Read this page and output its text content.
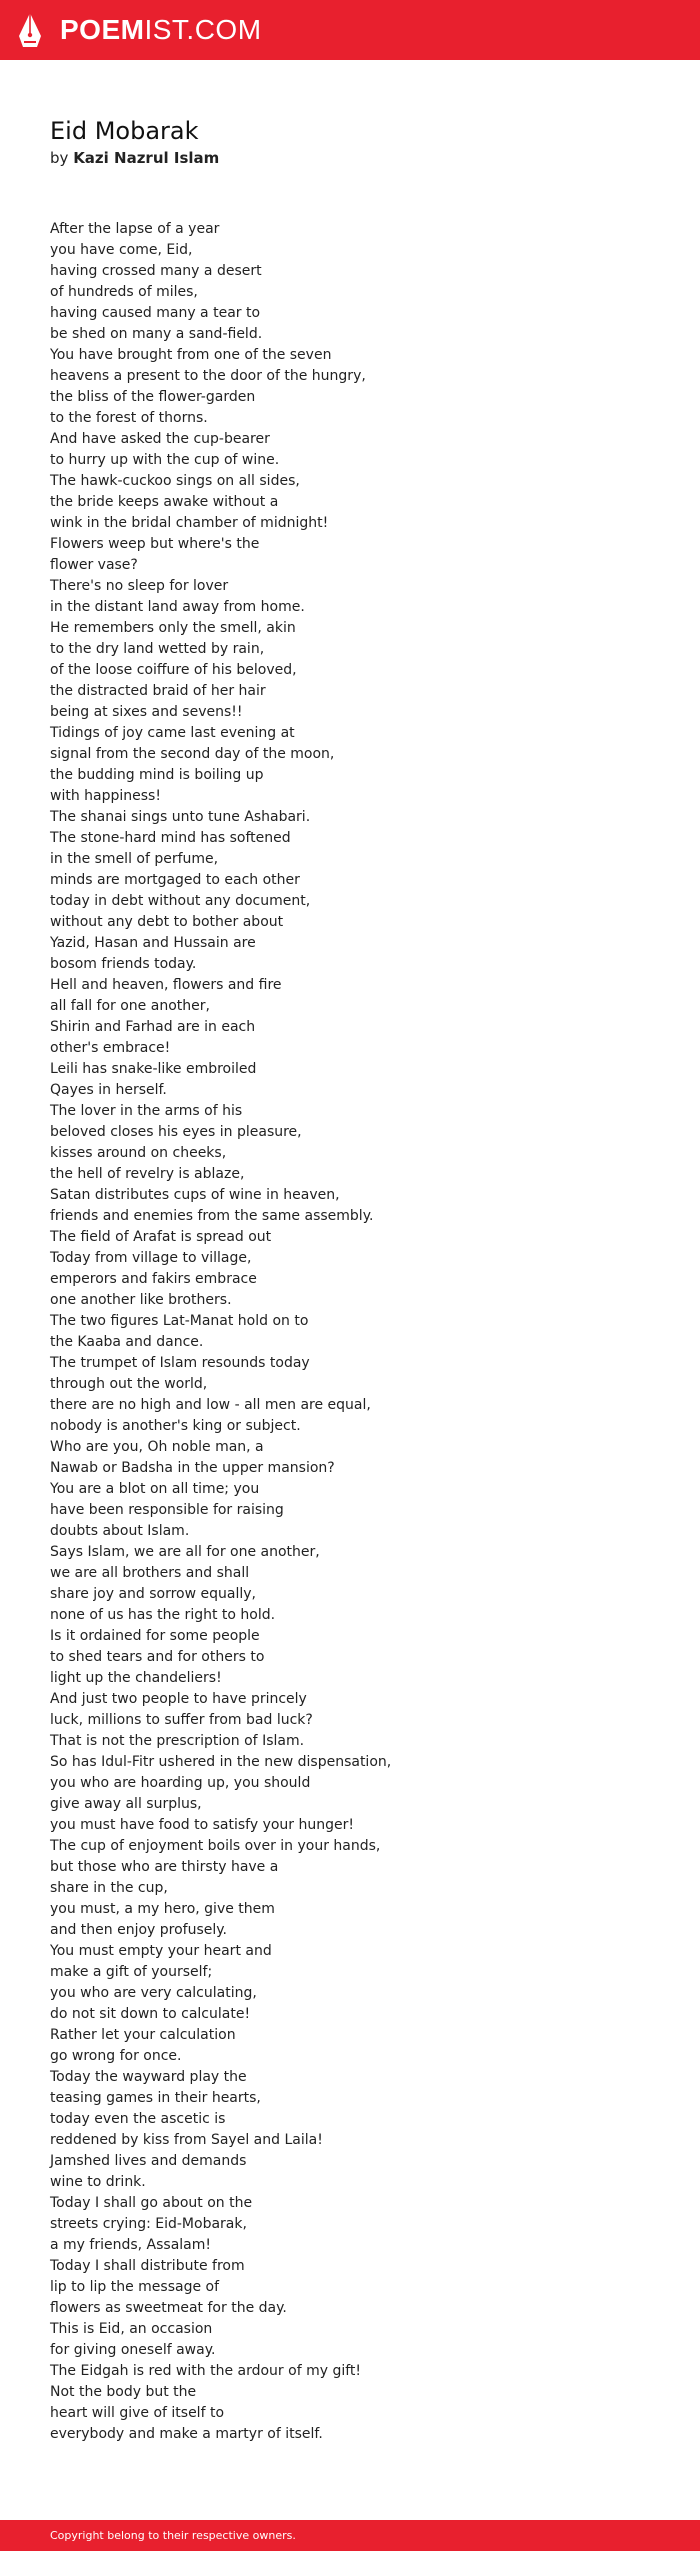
POEMIST.COM
Eid Mobarak
by Kazi Nazrul Islam
After the lapse of a year
you have come, Eid,
having crossed many a desert
of hundreds of miles,
having caused many a tear to
be shed on many a sand-field.
You have brought from one of the seven
heavens a present to the door of the hungry,
the bliss of the flower-garden
to the forest of thorns.
And have asked the cup-bearer
to hurry up with the cup of wine.
The hawk-cuckoo sings on all sides,
the bride keeps awake without a
wink in the bridal chamber of midnight!
Flowers weep but where's the
flower vase?
There's no sleep for lover
in the distant land away from home.
He remembers only the smell, akin
to the dry land wetted by rain,
of the loose coiffure of his beloved,
the distracted braid of her hair
being at sixes and sevens!!
Tidings of joy came last evening at
signal from the second day of the moon,
the budding mind is boiling up
with happiness!
The shanai sings unto tune Ashabari.
The stone-hard mind has softened
in the smell of perfume,
minds are mortgaged to each other
today in debt without any document,
without any debt to bother about
Yazid, Hasan and Hussain are
bosom friends today.
Hell and heaven, flowers and fire
all fall for one another,
Shirin and Farhad are in each
other's embrace!
Leili has snake-like embroiled
Qayes in herself.
The lover in the arms of his
beloved closes his eyes in pleasure,
kisses around on cheeks,
the hell of revelry is ablaze,
Satan distributes cups of wine in heaven,
friends and enemies from the same assembly.
The field of Arafat is spread out
Today from village to village,
emperors and fakirs embrace
one another like brothers.
The two figures Lat-Manat hold on to
the Kaaba and dance.
The trumpet of Islam resounds today
through out the world,
there are no high and low - all men are equal,
nobody is another's king or subject.
Who are you, Oh noble man, a
Nawab or Badsha in the upper mansion?
You are a blot on all time; you
have been responsible for raising
doubts about Islam.
Says Islam, we are all for one another,
we are all brothers and shall
share joy and sorrow equally,
none of us has the right to hold.
Is it ordained for some people
to shed tears and for others to
light up the chandeliers!
And just two people to have princely
luck, millions to suffer from bad luck?
That is not the prescription of Islam.
So has Idul-Fitr ushered in the new dispensation,
you who are hoarding up, you should
give away all surplus,
you must have food to satisfy your hunger!
The cup of enjoyment boils over in your hands,
but those who are thirsty have a
share in the cup,
you must, a my hero, give them
and then enjoy profusely.
You must empty your heart and
make a gift of yourself;
you who are very calculating,
do not sit down to calculate!
Rather let your calculation
go wrong for once.
Today the wayward play the
teasing games in their hearts,
today even the ascetic is
reddened by kiss from Sayel and Laila!
Jamshed lives and demands
wine to drink.
Today I shall go about on the
streets crying: Eid-Mobarak,
a my friends, Assalam!
Today I shall distribute from
lip to lip the message of
flowers as sweetmeat for the day.
This is Eid, an occasion
for giving oneself away.
The Eidgah is red with the ardour of my gift!
Not the body but the
heart will give of itself to
everybody and make a martyr of itself.
Copyright belong to their respective owners.
